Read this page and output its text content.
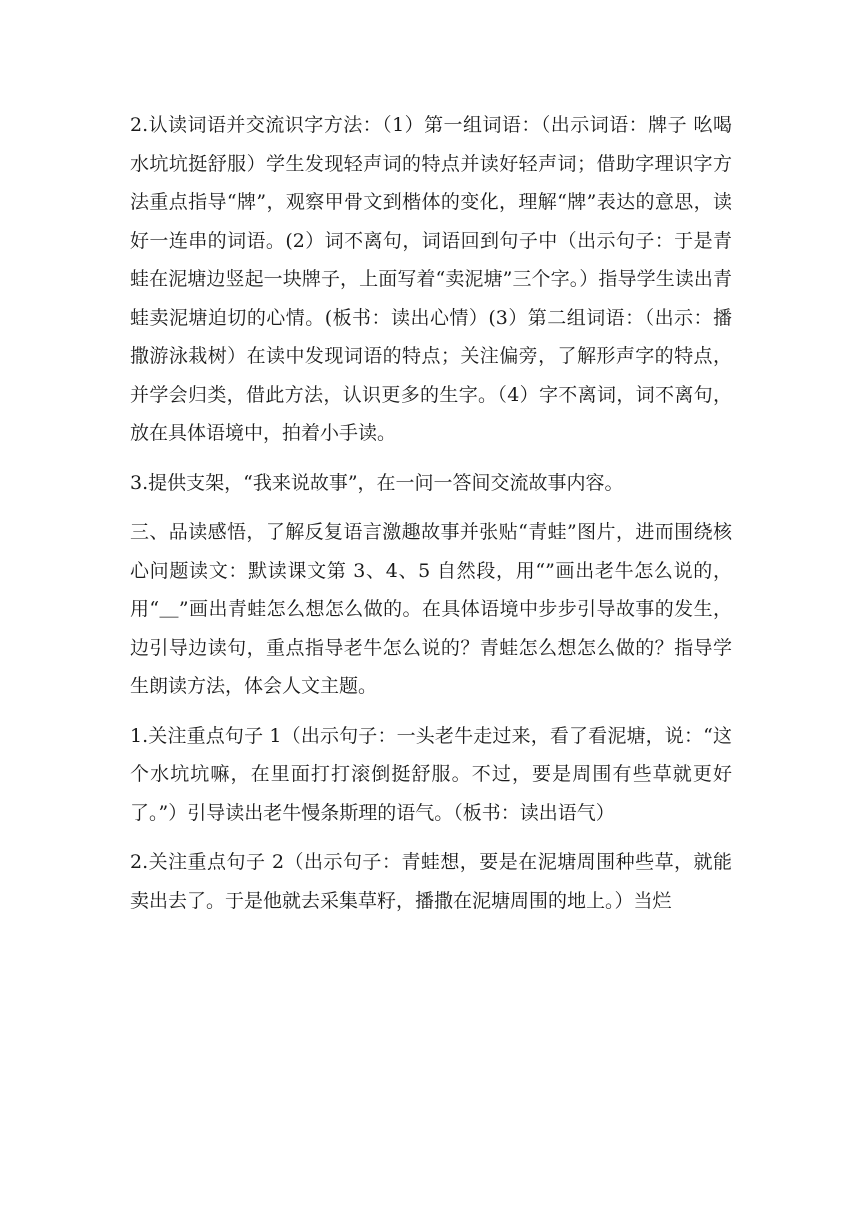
2.认读词语并交流识字方法：（1）第一组词语：（出示词语：牌子 吆喝水坑坑挺舒服）学生发现轻声词的特点并读好轻声词；借助字理识字方法重点指导“牌”，观察甲骨文到楷体的变化，理解“牌”表达的意思，读好一连串的词语。(2）词不离句，词语回到句子中（出示句子：于是青蛙在泥塘边竖起一块牌子，上面写着“卖泥塘”三个字。）指导学生读出青蛙卖泥塘迫切的心情。(板书：读出心情）(3）第二组词语：（出示：播撒游泳栽树）在读中发现词语的特点；关注偏旁，了解形声字的特点，并学会归类，借此方法，认识更多的生字。（4）字不离词，词不离句，放在具体语境中，拍着小手读。

3.提供支架，“我来说故事”，在一问一答间交流故事内容。

三、品读感悟，了解反复语言激趣故事并张贴“青蛙”图片，进而围绕核心问题读文：默读课文第 3、4、5 自然段，用“”画出老牛怎么说的，用“＿”画出青蛙怎么想怎么做的。在具体语境中步步引导故事的发生，边引导边读句，重点指导老牛怎么说的？青蛙怎么想怎么做的？指导学生朗读方法，体会人文主题。

1.关注重点句子 1（出示句子：一头老牛走过来，看了看泥塘，说：“这个水坑坑嘛，在里面打打滚倒挺舒服。不过，要是周围有些草就更好了。”）引导读出老牛慢条斯理的语气。（板书：读出语气）

2.关注重点句子 2（出示句子：青蛙想，要是在泥塘周围种些草，就能卖出去了。于是他就去采集草籽，播撒在泥塘周围的地上。）当烂
